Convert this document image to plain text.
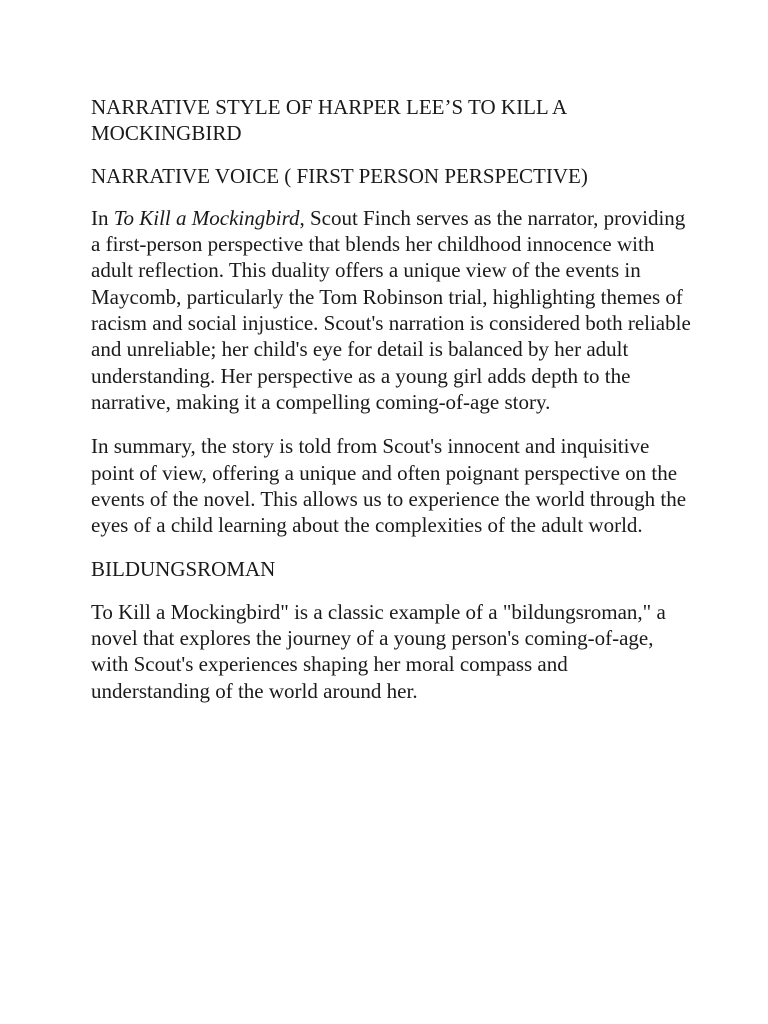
NARRATIVE STYLE OF HARPER LEE’S TO KILL A MOCKINGBIRD

NARRATIVE VOICE ( FIRST PERSON PERSPECTIVE)

In To Kill a Mockingbird, Scout Finch serves as the narrator, providing a first-person perspective that blends her childhood innocence with adult reflection. This duality offers a unique view of the events in Maycomb, particularly the Tom Robinson trial, highlighting themes of racism and social injustice. Scout's narration is considered both reliable and unreliable; her child's eye for detail is balanced by her adult understanding. Her perspective as a young girl adds depth to the narrative, making it a compelling coming-of-age story.

In summary, the story is told from Scout's innocent and inquisitive point of view, offering a unique and often poignant perspective on the events of the novel. This allows us to experience the world through the eyes of a child learning about the complexities of the adult world.

BILDUNGSROMAN

To Kill a Mockingbird" is a classic example of a "bildungsroman," a novel that explores the journey of a young person's coming-of-age, with Scout's experiences shaping her moral compass and understanding of the world around her.
